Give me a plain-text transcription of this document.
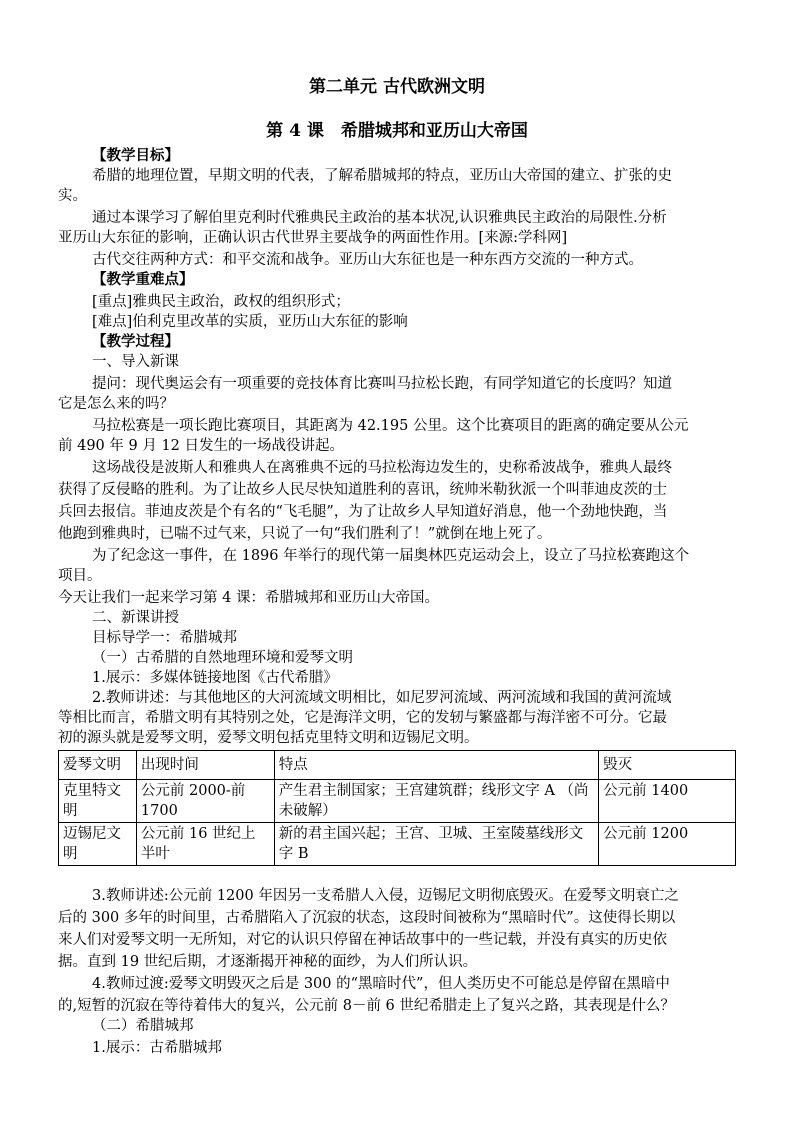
第二单元 古代欧洲文明
第 4 课　希腊城邦和亚历山大帝国
【教学目标】
希腊的地理位置，早期文明的代表，了解希腊城邦的特点，亚历山大帝国的建立、扩张的史
实。
通过本课学习了解伯里克利时代雅典民主政治的基本状况,认识雅典民主政治的局限性.分析
亚历山大东征的影响，正确认识古代世界主要战争的两面性作用。[来源:学科网]
古代交往两种方式：和平交流和战争。亚历山大东征也是一种东西方交流的一种方式。
【教学重难点】
[重点]雅典民主政治，政权的组织形式；
[难点]伯利克里改革的实质，亚历山大东征的影响
【教学过程】
一、导入新课
提问：现代奥运会有一项重要的竞技体育比赛叫马拉松长跑，有同学知道它的长度吗？知道
它是怎么来的吗？
马拉松赛是一项长跑比赛项目，其距离为 42.195 公里。这个比赛项目的距离的确定要从公元
前 490 年 9 月 12 日发生的一场战役讲起。
这场战役是波斯人和雅典人在离雅典不远的马拉松海边发生的，史称希波战争，雅典人最终
获得了反侵略的胜利。为了让故乡人民尽快知道胜利的喜讯，统帅米勒狄派一个叫菲迪皮茨的士
兵回去报信。菲迪皮茨是个有名的“飞毛腿”，为了让故乡人早知道好消息，他一个劲地快跑，当
他跑到雅典时，已喘不过气来，只说了一句“我们胜利了！”就倒在地上死了。
为了纪念这一事件，在 1896 年举行的现代第一届奥林匹克运动会上，设立了马拉松赛跑这个
项目。
今天让我们一起来学习第 4 课：希腊城邦和亚历山大帝国。
二、新课讲授
目标导学一：希腊城邦
（一）古希腊的自然地理环境和爱琴文明
1.展示：多媒体链接地图《古代希腊》
2.教师讲述：与其他地区的大河流域文明相比，如尼罗河流域、两河流域和我国的黄河流域
等相比而言，希腊文明有其特别之处，它是海洋文明，它的发轫与繁盛都与海洋密不可分。它最
初的源头就是爱琴文明，爱琴文明包括克里特文明和迈锡尼文明。
爱琴文明	出现时间	特点	毁灭
克里特文明	公元前 2000-前 1700	产生君主制国家；王宫建筑群；线形文字 A （尚未破解）	公元前 1400
迈锡尼文明	公元前 16 世纪上半叶	新的君主国兴起；王宫、卫城、王室陵墓线形文字 B	公元前 1200
3.教师讲述:公元前 1200 年因另一支希腊人入侵，迈锡尼文明彻底毁灭。在爱琴文明衰亡之
后的 300 多年的时间里，古希腊陷入了沉寂的状态，这段时间被称为“黑暗时代”。这使得长期以
来人们对爱琴文明一无所知，对它的认识只停留在神话故事中的一些记载，并没有真实的历史依
据。直到 19 世纪后期，才逐渐揭开神秘的面纱，为人们所认识。
4.教师过渡:爱琴文明毁灭之后是 300 的“黑暗时代”，但人类历史不可能总是停留在黑暗中
的,短暂的沉寂在等待着伟大的复兴，公元前 8－前 6 世纪希腊走上了复兴之路，其表现是什么？
（二）希腊城邦
1.展示：古希腊城邦
